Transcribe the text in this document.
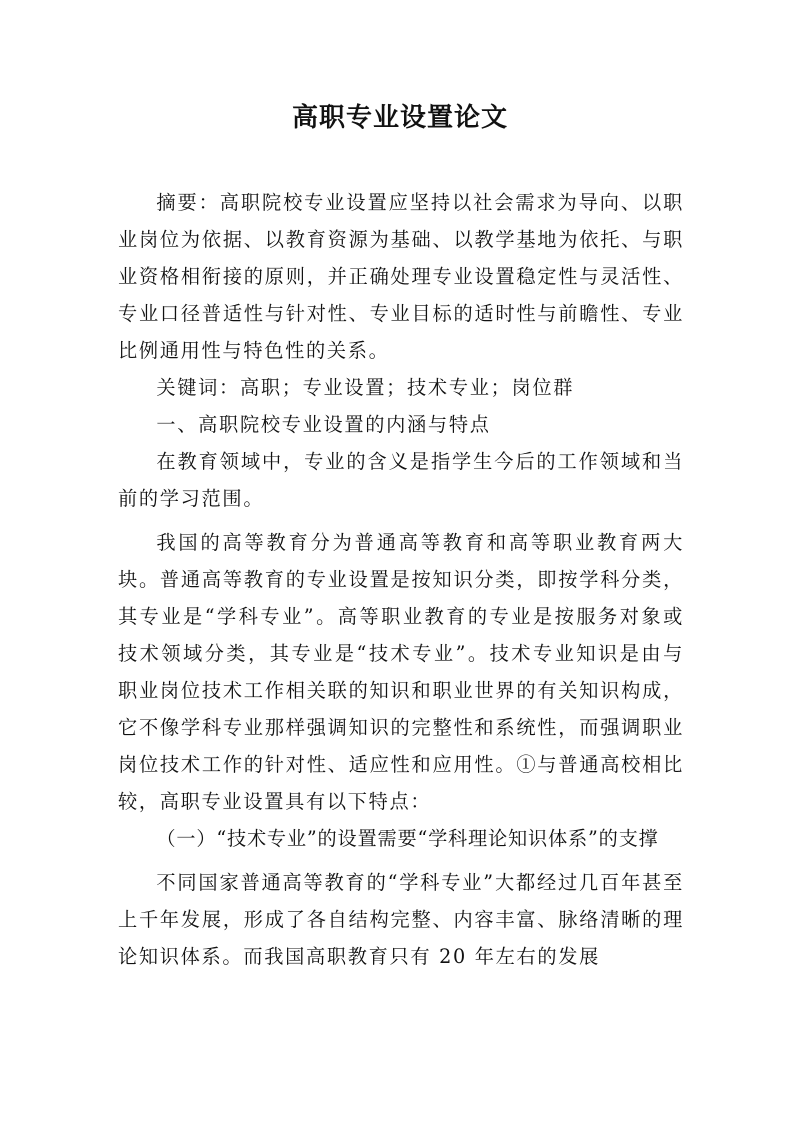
高职专业设置论文

摘要：高职院校专业设置应坚持以社会需求为导向、以职业岗位为依据、以教育资源为基础、以教学基地为依托、与职业资格相衔接的原则，并正确处理专业设置稳定性与灵活性、专业口径普适性与针对性、专业目标的适时性与前瞻性、专业比例通用性与特色性的关系。

关键词：高职；专业设置；技术专业；岗位群

一、高职院校专业设置的内涵与特点

在教育领域中，专业的含义是指学生今后的工作领域和当前的学习范围。

我国的高等教育分为普通高等教育和高等职业教育两大块。普通高等教育的专业设置是按知识分类，即按学科分类，其专业是“学科专业”。高等职业教育的专业是按服务对象或技术领域分类，其专业是“技术专业”。技术专业知识是由与职业岗位技术工作相关联的知识和职业世界的有关知识构成，它不像学科专业那样强调知识的完整性和系统性，而强调职业岗位技术工作的针对性、适应性和应用性。①与普通高校相比较，高职专业设置具有以下特点：

（一）“技术专业”的设置需要“学科理论知识体系”的支撑

不同国家普通高等教育的“学科专业”大都经过几百年甚至上千年发展，形成了各自结构完整、内容丰富、脉络清晰的理论知识体系。而我国高职教育只有 20 年左右的发展
